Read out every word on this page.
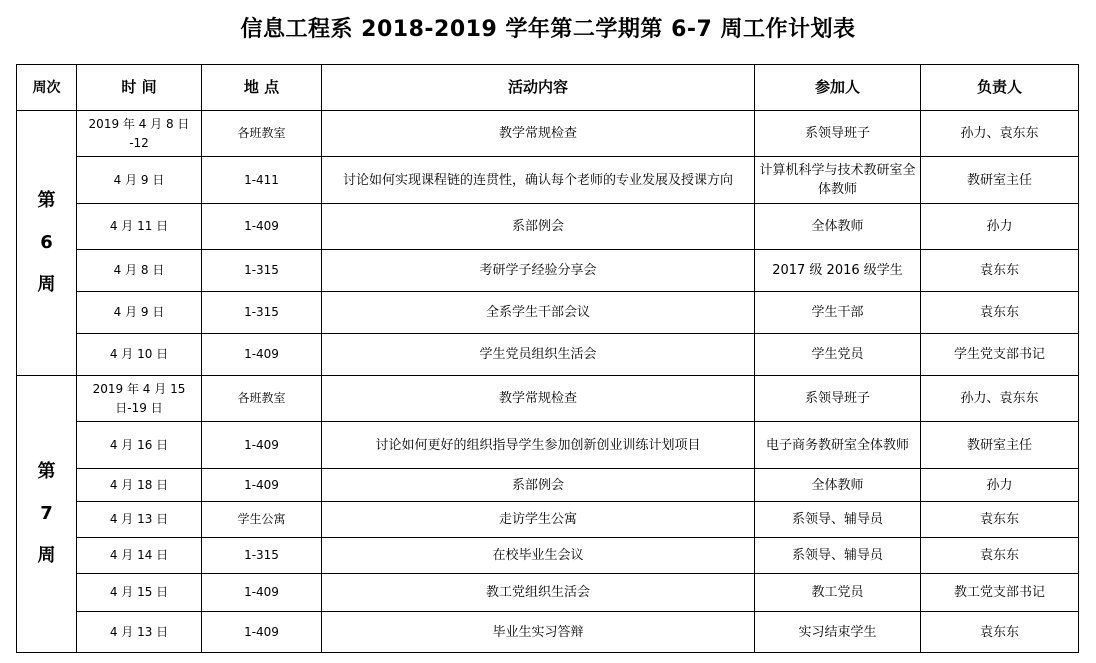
信息工程系 2018-2019 学年第二学期第 6-7 周工作计划表
周次	时 间	地 点	活动内容	参加人	负责人

第
6
周	2019 年 4 月 8 日 -12	各班教室	教学常规检查	系领导班子	孙力、袁东东
	4 月 9 日	1-411	讨论如何实现课程链的连贯性，确认每个老师的专业发展及授课方向	计算机科学与技术教研室全体教师	教研室主任
	4 月 11 日	1-409	系部例会	全体教师	孙力
	4 月 8 日	1-315	考研学子经验分享会	2017 级 2016 级学生	袁东东
	4 月 9 日	1-315	全系学生干部会议	学生干部	袁东东
	4 月 10 日	1-409	学生党员组织生活会	学生党员	学生党支部书记

第
7
周	2019 年 4 月 15 日-19 日	各班教室	教学常规检查	系领导班子	孙力、袁东东
	4 月 16 日	1-409	讨论如何更好的组织指导学生参加创新创业训练计划项目	电子商务教研室全体教师	教研室主任
	4 月 18 日	1-409	系部例会	全体教师	孙力
	4 月 13 日	学生公寓	走访学生公寓	系领导、辅导员	袁东东
	4 月 14 日	1-315	在校毕业生会议	系领导、辅导员	袁东东
	4 月 15 日	1-409	教工党组织生活会	教工党员	教工党支部书记
	4 月 13 日	1-409	毕业生实习答辩	实习结束学生	袁东东
